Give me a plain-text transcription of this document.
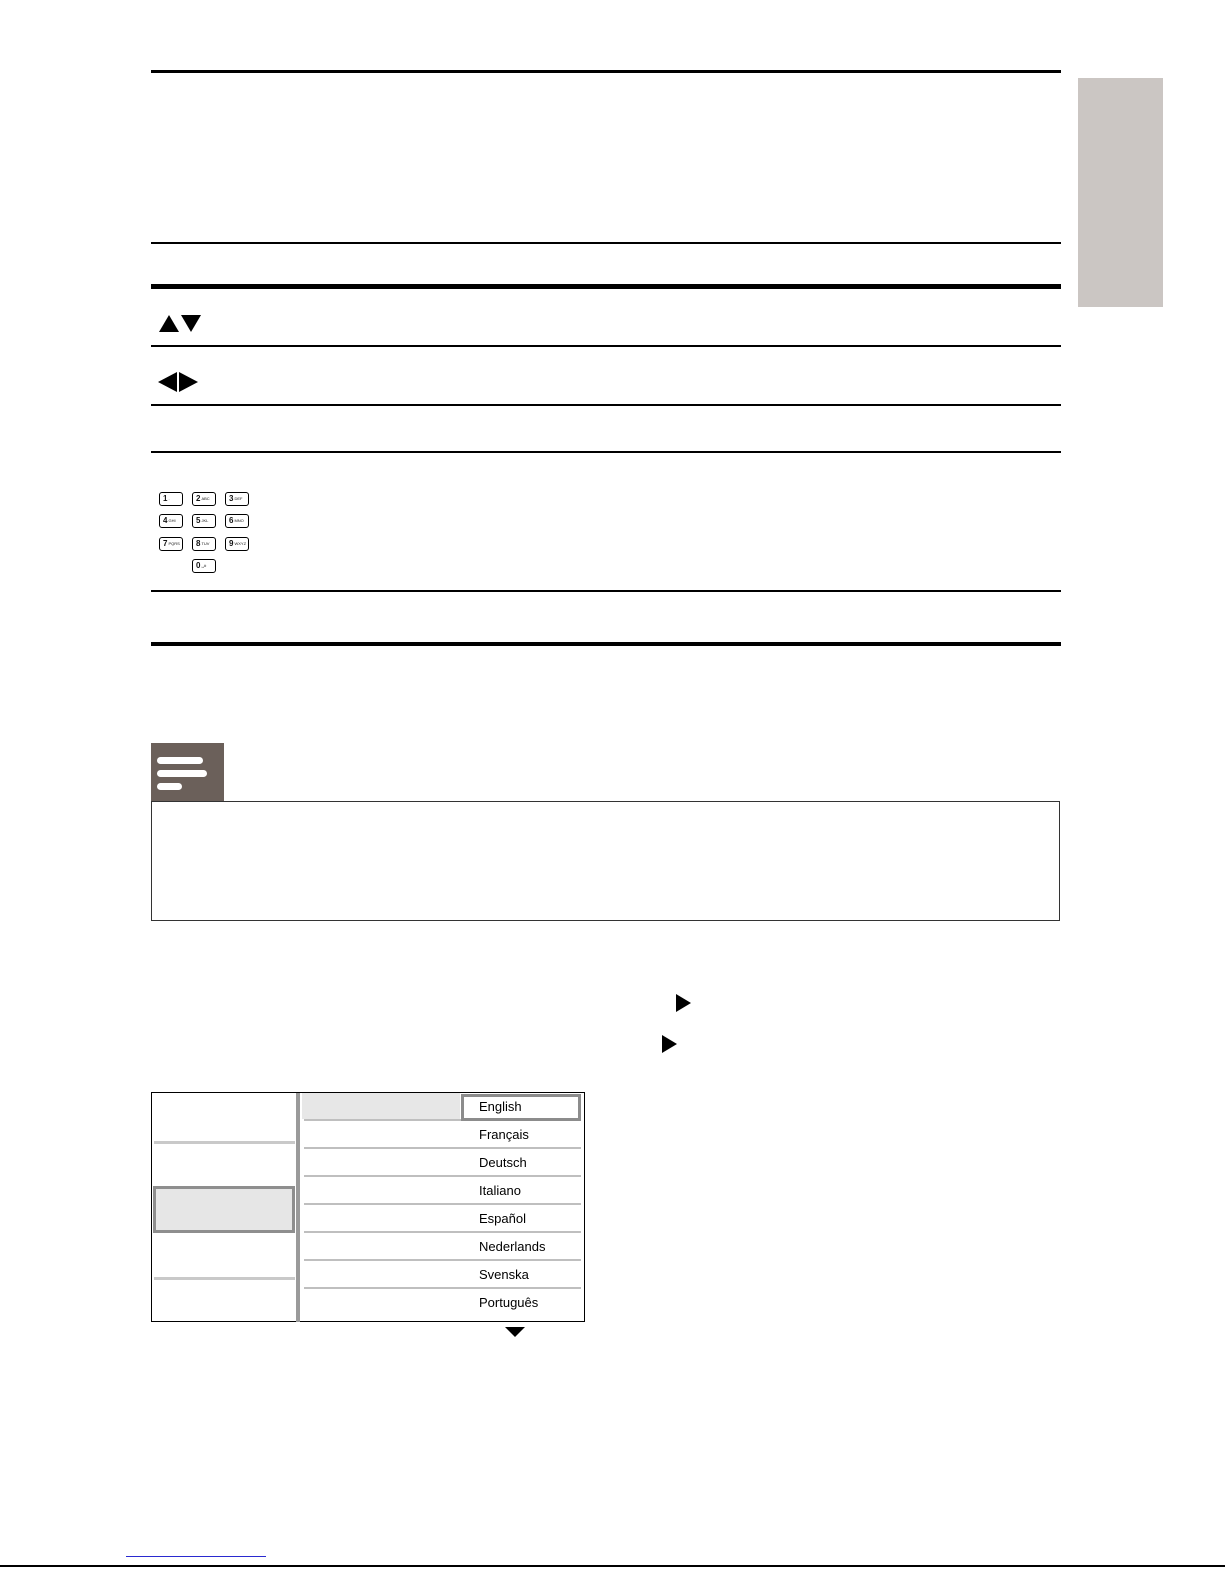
1 .	2 ABC 3 DEF
4 GHI	5 JKL	6 MNO
7 PQRS 8 TUV 9 WXYZ
0 ␣#
English
Français
Deutsch
Italiano
Español
Nederlands
Svenska
Português
